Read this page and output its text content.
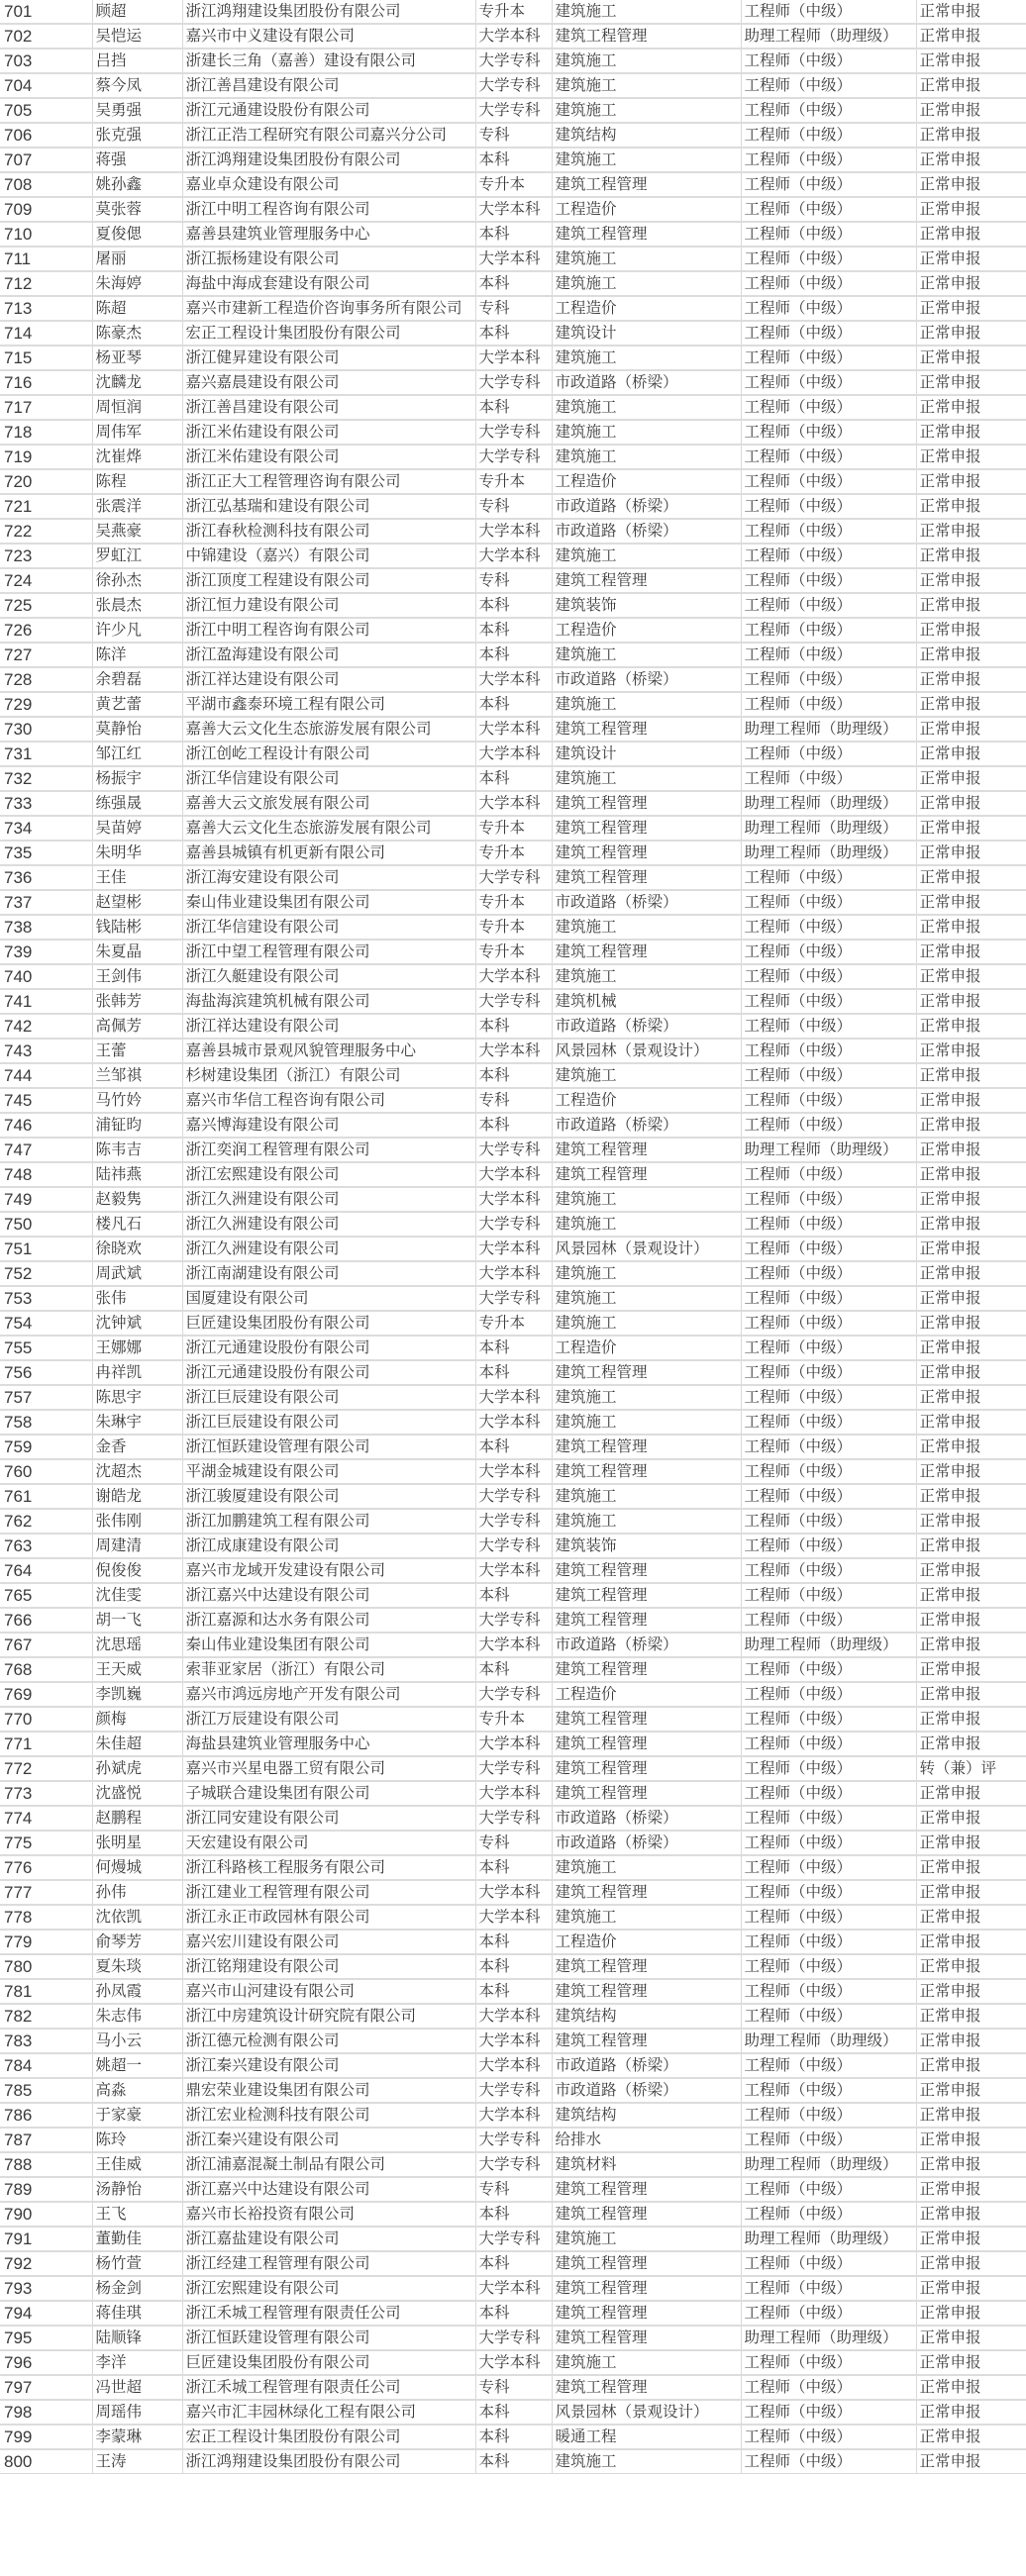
701	顾超	浙江鸿翔建设集团股份有限公司	专升本	建筑施工	工程师（中级）	正常申报
702	吴恺运	嘉兴市中义建设有限公司	大学本科	建筑工程管理	助理工程师（助理级）	正常申报
703	吕挡	浙建长三角（嘉善）建设有限公司	大学专科	建筑施工	工程师（中级）	正常申报
704	蔡今凤	浙江善昌建设有限公司	大学专科	建筑施工	工程师（中级）	正常申报
705	吴勇强	浙江元通建设股份有限公司	大学专科	建筑施工	工程师（中级）	正常申报
706	张克强	浙江正浩工程研究有限公司嘉兴分公司	专科	建筑结构	工程师（中级）	正常申报
707	蒋强	浙江鸿翔建设集团股份有限公司	本科	建筑施工	工程师（中级）	正常申报
708	姚孙鑫	嘉业卓众建设有限公司	专升本	建筑工程管理	工程师（中级）	正常申报
709	莫张蓉	浙江中明工程咨询有限公司	大学本科	工程造价	工程师（中级）	正常申报
710	夏俊偲	嘉善县建筑业管理服务中心	本科	建筑工程管理	工程师（中级）	正常申报
711	屠丽	浙江振杨建设有限公司	大学本科	建筑施工	工程师（中级）	正常申报
712	朱海婷	海盐中海成套建设有限公司	本科	建筑施工	工程师（中级）	正常申报
713	陈超	嘉兴市建新工程造价咨询事务所有限公司	专科	工程造价	工程师（中级）	正常申报
714	陈豪杰	宏正工程设计集团股份有限公司	本科	建筑设计	工程师（中级）	正常申报
715	杨亚琴	浙江健昇建设有限公司	大学本科	建筑施工	工程师（中级）	正常申报
716	沈麟龙	嘉兴嘉晨建设有限公司	大学专科	市政道路（桥梁）	工程师（中级）	正常申报
717	周恒润	浙江善昌建设有限公司	本科	建筑施工	工程师（中级）	正常申报
718	周伟军	浙江米佑建设有限公司	大学专科	建筑施工	工程师（中级）	正常申报
719	沈崔烨	浙江米佑建设有限公司	大学专科	建筑施工	工程师（中级）	正常申报
720	陈程	浙江正大工程管理咨询有限公司	专升本	工程造价	工程师（中级）	正常申报
721	张震洋	浙江弘基瑞和建设有限公司	专科	市政道路（桥梁）	工程师（中级）	正常申报
722	吴燕豪	浙江春秋检测科技有限公司	大学本科	市政道路（桥梁）	工程师（中级）	正常申报
723	罗虹江	中锦建设（嘉兴）有限公司	大学本科	建筑施工	工程师（中级）	正常申报
724	徐孙杰	浙江顶度工程建设有限公司	专科	建筑工程管理	工程师（中级）	正常申报
725	张晨杰	浙江恒力建设有限公司	本科	建筑装饰	工程师（中级）	正常申报
726	许少凡	浙江中明工程咨询有限公司	本科	工程造价	工程师（中级）	正常申报
727	陈洋	浙江盈海建设有限公司	本科	建筑施工	工程师（中级）	正常申报
728	余碧磊	浙江祥达建设有限公司	大学本科	市政道路（桥梁）	工程师（中级）	正常申报
729	黄艺蕾	平湖市鑫泰环境工程有限公司	本科	建筑施工	工程师（中级）	正常申报
730	莫静怡	嘉善大云文化生态旅游发展有限公司	大学本科	建筑工程管理	助理工程师（助理级）	正常申报
731	邹江红	浙江创屹工程设计有限公司	大学本科	建筑设计	工程师（中级）	正常申报
732	杨振宇	浙江华信建设有限公司	本科	建筑施工	工程师（中级）	正常申报
733	练强晟	嘉善大云文旅发展有限公司	大学本科	建筑工程管理	助理工程师（助理级）	正常申报
734	吴苗婷	嘉善大云文化生态旅游发展有限公司	专升本	建筑工程管理	助理工程师（助理级）	正常申报
735	朱明华	嘉善县城镇有机更新有限公司	专升本	建筑工程管理	助理工程师（助理级）	正常申报
736	王佳	浙江海安建设有限公司	大学专科	建筑工程管理	工程师（中级）	正常申报
737	赵望彬	秦山伟业建设集团有限公司	专升本	市政道路（桥梁）	工程师（中级）	正常申报
738	钱陆彬	浙江华信建设有限公司	专升本	建筑施工	工程师（中级）	正常申报
739	朱夏晶	浙江中望工程管理有限公司	专升本	建筑工程管理	工程师（中级）	正常申报
740	王剑伟	浙江久艇建设有限公司	大学本科	建筑施工	工程师（中级）	正常申报
741	张韩芳	海盐海滨建筑机械有限公司	大学专科	建筑机械	工程师（中级）	正常申报
742	高佩芳	浙江祥达建设有限公司	本科	市政道路（桥梁）	工程师（中级）	正常申报
743	王蕾	嘉善县城市景观风貌管理服务中心	大学本科	风景园林（景观设计）	工程师（中级）	正常申报
744	兰邹祺	杉树建设集团（浙江）有限公司	本科	建筑施工	工程师（中级）	正常申报
745	马竹妗	嘉兴市华信工程咨询有限公司	专科	工程造价	工程师（中级）	正常申报
746	浦钲昀	嘉兴博海建设有限公司	本科	市政道路（桥梁）	工程师（中级）	正常申报
747	陈韦吉	浙江奕润工程管理有限公司	大学专科	建筑工程管理	助理工程师（助理级）	正常申报
748	陆祎燕	浙江宏熙建设有限公司	大学本科	建筑工程管理	工程师（中级）	正常申报
749	赵毅隽	浙江久洲建设有限公司	大学本科	建筑施工	工程师（中级）	正常申报
750	楼凡石	浙江久洲建设有限公司	大学专科	建筑施工	工程师（中级）	正常申报
751	徐晓欢	浙江久洲建设有限公司	大学本科	风景园林（景观设计）	工程师（中级）	正常申报
752	周武斌	浙江南湖建设有限公司	大学本科	建筑施工	工程师（中级）	正常申报
753	张伟	国厦建设有限公司	大学专科	建筑施工	工程师（中级）	正常申报
754	沈钟斌	巨匠建设集团股份有限公司	专升本	建筑施工	工程师（中级）	正常申报
755	王娜娜	浙江元通建设股份有限公司	本科	工程造价	工程师（中级）	正常申报
756	冉祥凯	浙江元通建设股份有限公司	本科	建筑工程管理	工程师（中级）	正常申报
757	陈思宇	浙江巨辰建设有限公司	大学本科	建筑施工	工程师（中级）	正常申报
758	朱琳宇	浙江巨辰建设有限公司	大学本科	建筑施工	工程师（中级）	正常申报
759	金香	浙江恒跃建设管理有限公司	本科	建筑工程管理	工程师（中级）	正常申报
760	沈超杰	平湖金城建设有限公司	大学本科	建筑工程管理	工程师（中级）	正常申报
761	谢皓龙	浙江骏厦建设有限公司	大学专科	建筑施工	工程师（中级）	正常申报
762	张伟刚	浙江加鹏建筑工程有限公司	大学专科	建筑施工	工程师（中级）	正常申报
763	周建清	浙江成康建设有限公司	大学专科	建筑装饰	工程师（中级）	正常申报
764	倪俊俊	嘉兴市龙域开发建设有限公司	大学本科	建筑工程管理	工程师（中级）	正常申报
765	沈佳雯	浙江嘉兴中达建设有限公司	本科	建筑工程管理	工程师（中级）	正常申报
766	胡一飞	浙江嘉源和达水务有限公司	大学专科	建筑工程管理	工程师（中级）	正常申报
767	沈思瑶	秦山伟业建设集团有限公司	大学本科	市政道路（桥梁）	助理工程师（助理级）	正常申报
768	王天威	索菲亚家居（浙江）有限公司	本科	建筑工程管理	工程师（中级）	正常申报
769	李凯巍	嘉兴市鸿远房地产开发有限公司	大学专科	工程造价	工程师（中级）	正常申报
770	颜梅	浙江万辰建设有限公司	专升本	建筑工程管理	工程师（中级）	正常申报
771	朱佳超	海盐县建筑业管理服务中心	大学本科	建筑工程管理	工程师（中级）	正常申报
772	孙斌虎	嘉兴市兴星电器工贸有限公司	大学专科	建筑工程管理	工程师（中级）	转（兼）评
773	沈盛悦	子城联合建设集团有限公司	大学本科	建筑工程管理	工程师（中级）	正常申报
774	赵鹏程	浙江同安建设有限公司	大学专科	市政道路（桥梁）	工程师（中级）	正常申报
775	张明星	天宏建设有限公司	专科	市政道路（桥梁）	工程师（中级）	正常申报
776	何熳城	浙江科路核工程服务有限公司	本科	建筑施工	工程师（中级）	正常申报
777	孙伟	浙江建业工程管理有限公司	大学本科	建筑工程管理	工程师（中级）	正常申报
778	沈依凯	浙江永正市政园林有限公司	大学本科	建筑施工	工程师（中级）	正常申报
779	俞琴芳	嘉兴宏川建设有限公司	本科	工程造价	工程师（中级）	正常申报
780	夏朱琰	浙江铭翔建设有限公司	本科	建筑工程管理	工程师（中级）	正常申报
781	孙凤霞	嘉兴市山河建设有限公司	本科	建筑工程管理	工程师（中级）	正常申报
782	朱志伟	浙江中房建筑设计研究院有限公司	大学本科	建筑结构	工程师（中级）	正常申报
783	马小云	浙江德元检测有限公司	大学本科	建筑工程管理	助理工程师（助理级）	正常申报
784	姚超一	浙江秦兴建设有限公司	大学本科	市政道路（桥梁）	工程师（中级）	正常申报
785	高淼	鼎宏荣业建设集团有限公司	大学专科	市政道路（桥梁）	工程师（中级）	正常申报
786	于家豪	浙江宏业检测科技有限公司	大学本科	建筑结构	工程师（中级）	正常申报
787	陈玲	浙江秦兴建设有限公司	大学专科	给排水	工程师（中级）	正常申报
788	王佳威	浙江浦嘉混凝土制品有限公司	大学专科	建筑材料	助理工程师（助理级）	正常申报
789	汤静怡	浙江嘉兴中达建设有限公司	专科	建筑工程管理	工程师（中级）	正常申报
790	王飞	嘉兴市长裕投资有限公司	本科	建筑工程管理	工程师（中级）	正常申报
791	董勤佳	浙江嘉盐建设有限公司	大学专科	建筑施工	助理工程师（助理级）	正常申报
792	杨竹萱	浙江经建工程管理有限公司	本科	建筑工程管理	工程师（中级）	正常申报
793	杨金剑	浙江宏熙建设有限公司	大学本科	建筑工程管理	工程师（中级）	正常申报
794	蒋佳琪	浙江禾城工程管理有限责任公司	本科	建筑工程管理	工程师（中级）	正常申报
795	陆顺锋	浙江恒跃建设管理有限公司	大学专科	建筑工程管理	助理工程师（助理级）	正常申报
796	李洋	巨匠建设集团股份有限公司	大学本科	建筑施工	工程师（中级）	正常申报
797	冯世超	浙江禾城工程管理有限责任公司	专科	建筑工程管理	工程师（中级）	正常申报
798	周瑶伟	嘉兴市汇丰园林绿化工程有限公司	本科	风景园林（景观设计）	工程师（中级）	正常申报
799	李蒙琳	宏正工程设计集团股份有限公司	本科	暖通工程	工程师（中级）	正常申报
800	王涛	浙江鸿翔建设集团股份有限公司	本科	建筑施工	工程师（中级）	正常申报
